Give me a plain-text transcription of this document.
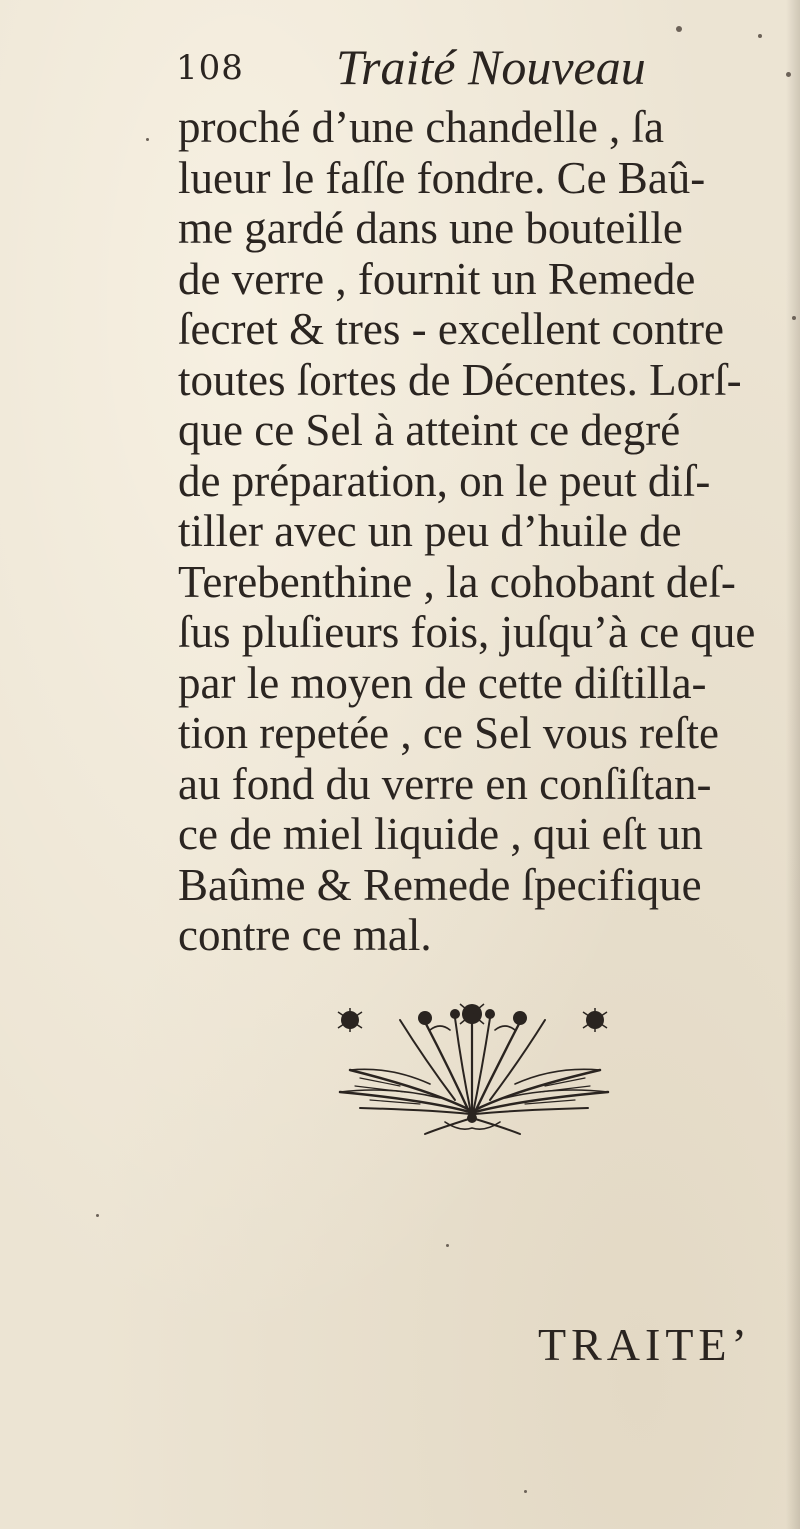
108 Traité Nouveau
proché d’une chandelle , ſa
lueur le faſſe fondre. Ce Baû-
me gardé dans une bouteille
de verre , fournit un Remede
ſecret & tres - excellent contre
toutes ſortes de Décentes. Lorſ-
que ce Sel à atteint ce degré
de préparation, on le peut diſ-
tiller avec un peu d’huile de
Terebenthine , la cohobant deſ-
ſus pluſieurs fois, juſqu’à ce que
par le moyen de cette diſtilla-
tion repetée , ce Sel vous reſte
au fond du verre en conſiſtan-
ce de miel liquide , qui eſt un
Baûme & Remede ſpecifique
contre ce mal.
TRAITE’
